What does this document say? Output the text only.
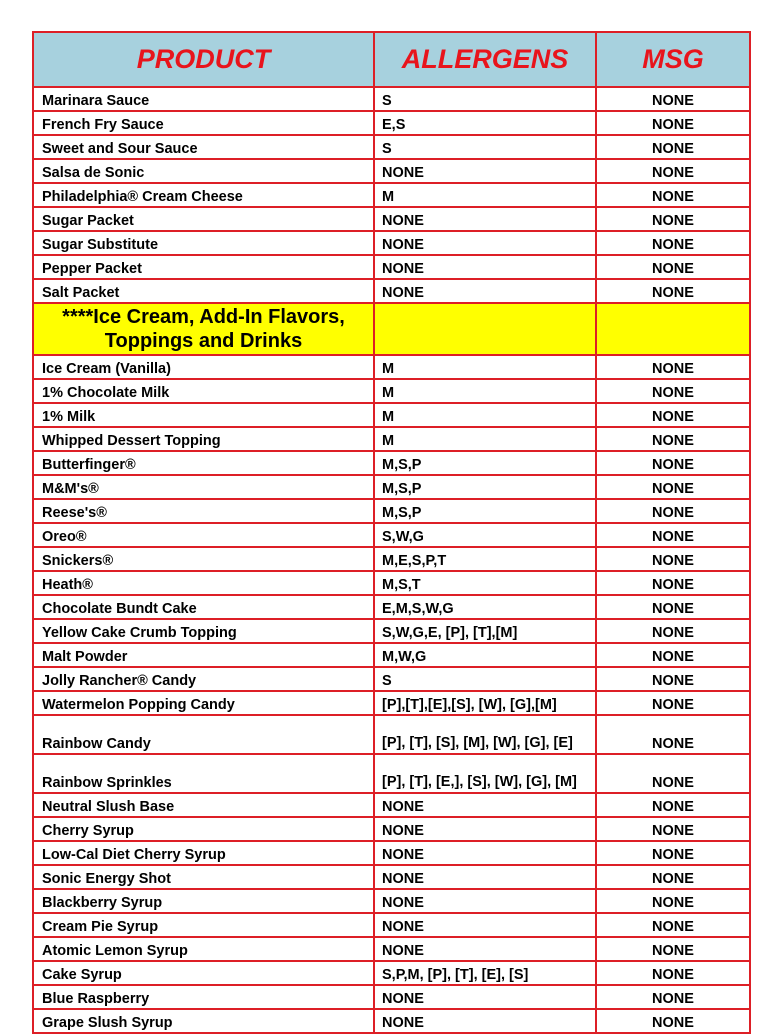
PRODUCT	ALLERGENS	MSG
Marinara Sauce	S	NONE
French Fry Sauce	E,S	NONE
Sweet and Sour Sauce	S	NONE
Salsa de Sonic	NONE	NONE
Philadelphia® Cream Cheese	M	NONE
Sugar Packet	NONE	NONE
Sugar Substitute	NONE	NONE
Pepper Packet	NONE	NONE
Salt Packet	NONE	NONE
****Ice Cream, Add-In Flavors, Toppings and Drinks		
Ice Cream (Vanilla)	M	NONE
1% Chocolate Milk	M	NONE
1% Milk	M	NONE
Whipped Dessert Topping	M	NONE
Butterfinger®	M,S,P	NONE
M&M's®	M,S,P	NONE
Reese's®	M,S,P	NONE
Oreo®	S,W,G	NONE
Snickers®	M,E,S,P,T	NONE
Heath®	M,S,T	NONE
Chocolate Bundt Cake	E,M,S,W,G	NONE
Yellow Cake Crumb Topping	S,W,G,E, [P], [T],[M]	NONE
Malt Powder	M,W,G	NONE
Jolly Rancher® Candy	S	NONE
Watermelon Popping Candy	[P],[T],[E],[S], [W], [G],[M]	NONE
Rainbow Candy	[P], [T], [S], [M], [W], [G], [E]	NONE
Rainbow Sprinkles	[P], [T], [E,], [S], [W], [G], [M]	NONE
Neutral Slush Base	NONE	NONE
Cherry Syrup	NONE	NONE
Low-Cal Diet Cherry Syrup	NONE	NONE
Sonic Energy Shot	NONE	NONE
Blackberry Syrup	NONE	NONE
Cream Pie Syrup	NONE	NONE
Atomic Lemon Syrup	NONE	NONE
Cake Syrup	S,P,M, [P], [T], [E], [S]	NONE
Blue Raspberry	NONE	NONE
Grape Slush Syrup	NONE	NONE
